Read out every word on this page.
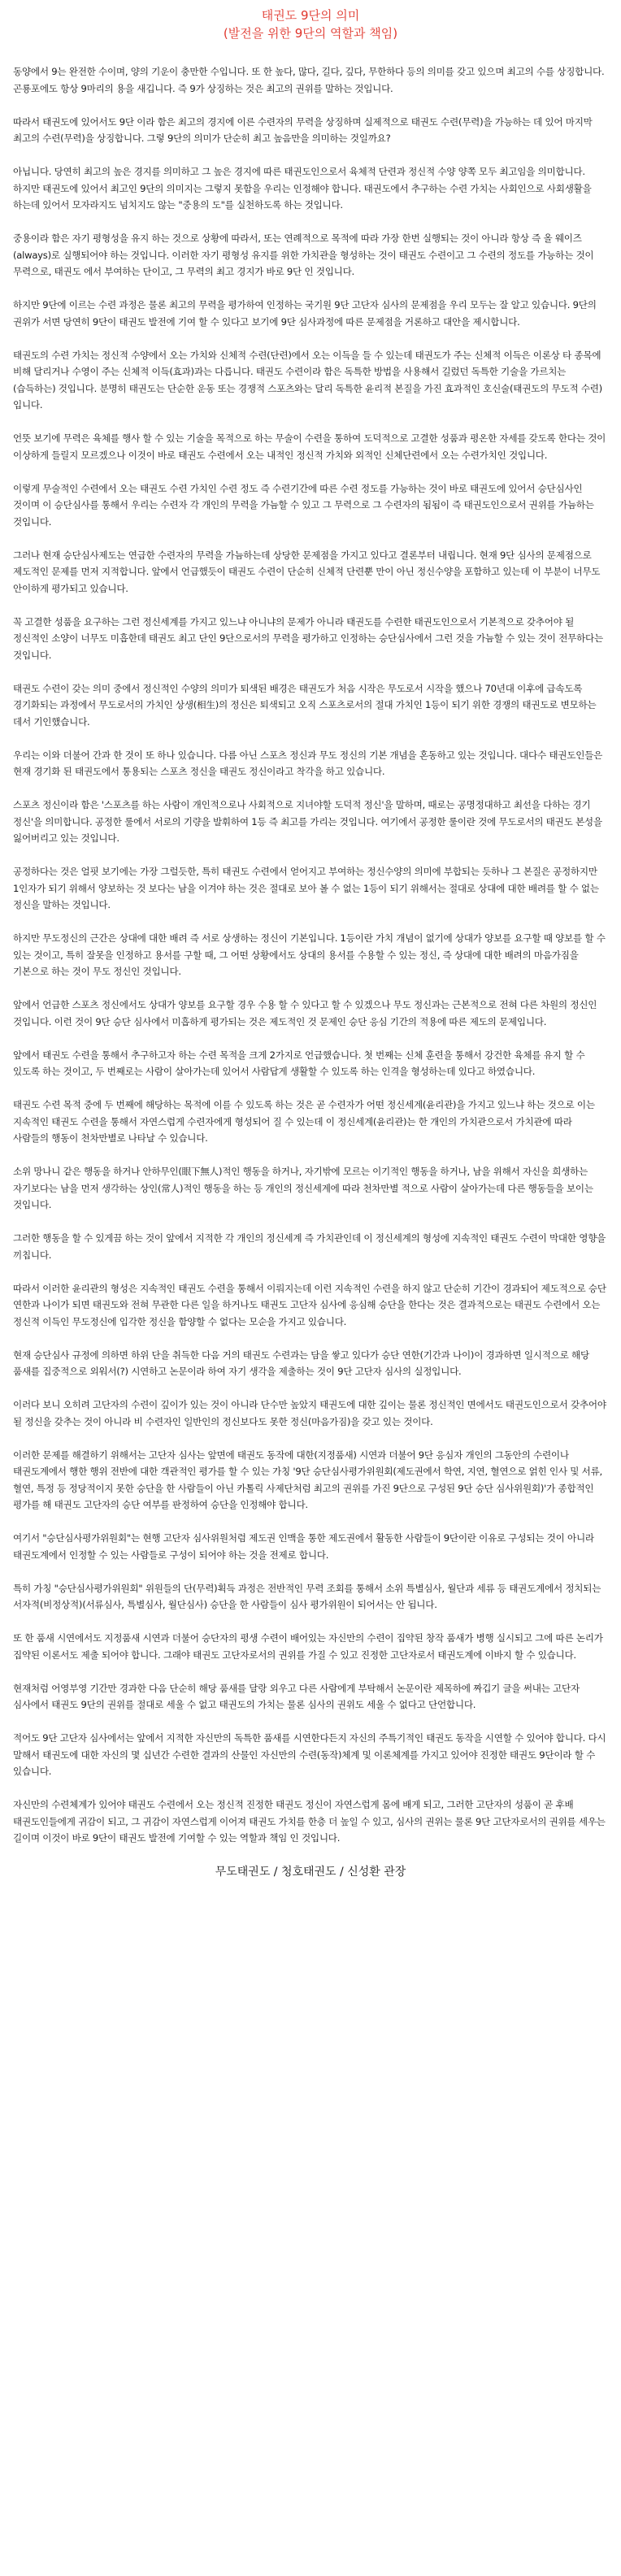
태권도 9단의 의미
(발전을 위한 9단의 역할과 책임)

동양에서 9는 완전한 수이며, 양의 기운이 충만한 수입니다. 또 한 높다, 많다, 길다, 깊다, 무한하다 등의 의미를 갖고 있으며 최고의 수를 상징합니다. 곤룡포에도 항상 9마리의 용을 새깁니다. 즉 9가 상징하는 것은 최고의 권위를 말하는 것입니다.

따라서 태권도에 있어서도 9단 이라 함은 최고의 경지에 이른 수련자의 무력을 상징하며 실제적으로 태권도 수련(무력)을 가능하는 데 있어 마지막 최고의 수련(무력)을 상징합니다. 그렇 9단의 의미가 단순히 최고 높음만을 의미하는 것일까요?

아닙니다. 당연히 최고의 높은 경지를 의미하고 그 높은 경지에 따른 태권도인으로서 육체적 단련과 정신적 수양 양쪽 모두 최고임을 의미합니다. 하지만 태권도에 있어서 최고인 9단의 의미지는 그렇지 못함을 우리는 인정해야 합니다. 태권도에서 추구하는 수련 가치는 사회인으로 사회생활을 하는데 있어서 모자라지도 넘치지도 않는 "중용의 도"를 실천하도록 하는 것입니다.

중용이라 함은 자기 평형성을 유지 하는 것으로 상황에 따라서, 또는 연례적으로 목적에 따라 가장 한번 실행되는 것이 아니라 항상 즉 올 웨이즈(always)로 실행되어야 하는 것입니다. 이러한 자기 평형성 유지를 위한 가치관을 형성하는 것이 태권도 수련이고 그 수련의 정도를 가능하는 것이 무력으로, 태권도 에서 부여하는 단이고, 그 무력의 최고 경지가 바로 9단 인 것입니다.

하지만 9단에 이르는 수련 과정은 물론 최고의 무력을 평가하여 인정하는 국기원 9단 고단자 심사의 문제점을 우리 모두는 잘 알고 있습니다. 9단의 권위가 서면 당연히 9단이 태권도 발전에 기여 할 수 있다고 보기에 9단 심사과정에 따른 문제점을 거론하고 대안을 제시합니다.

태권도의 수련 가치는 정신적 수양에서 오는 가치와 신체적 수련(단련)에서 오는 이득을 들 수 있는데 태권도가 주는 신체적 이득은 이론상 타 종목에 비해 달리거나 수영이 주는 신체적 이득(효과)과는 다릅니다. 태권도 수련이라 함은 독특한 방법을 사용해서 길렀던 독특한 기술을 가르치는(습득하는) 것입니다. 분명히 태권도는 단순한 운동 또는 경쟁적 스포츠와는 달리 독특한 윤리적 본질을 가진 효과적인 호신술(태권도의 무도적 수련)입니다.

언뜻 보기에 무력은 육체를 행사 할 수 있는 기술을 목적으로 하는 무술이 수련을 통하여 도덕적으로 고결한 성품과 평온한 자세를 갖도록 한다는 것이 이상하게 들릴지 모르겠으나 이것이 바로 태권도 수련에서 오는 내적인 정신적 가치와 외적인 신체단련에서 오는 수련가치인 것입니다.

이렇게 무술적인 수련에서 오는 태권도 수련 가치인 수련 정도 즉 수련기간에 따른 수련 정도를 가능하는 것이 바로 태권도에 있어서 승단심사인 것이며 이 승단심사를 통해서 우리는 수련자 각 개인의 무력을 가늠할 수 있고 그 무력으로 그 수련자의 됨됨이 즉 태권도인으로서 권위를 가늠하는 것입니다.

그러나 현재 승단심사제도는 연급한 수련자의 무력을 가늠하는데 상당한 문제점을 가지고 있다고 결론부터 내립니다. 현재 9단 심사의 문제점으로 제도적인 문제를 먼저 지적합니다. 앞에서 언급했듯이 태권도 수련이 단순히 신체적 단련뿐 만이 아닌 정신수양을 포함하고 있는데 이 부분이 너무도 안이하게 평가되고 있습니다.

꼭 고결한 성품을 요구하는 그런 정신세계를 가지고 있느냐 아니냐의 문제가 아니라 태권도를 수련한 태권도인으로서 기본적으로 갖추어야 될 정신적인 소양이 너무도 미흡한데 태권도 최고 단인 9단으로서의 무력을 평가하고 인정하는 승단심사에서 그런 것을 가늠할 수 있는 것이 전무하다는 것입니다.

태권도 수련이 갖는 의미 중에서 정신적인 수양의 의미가 퇴색된 배경은 태권도가 처음 시작은 무도로서 시작을 했으나 70년대 이후에 급속도록 경기화되는 과정에서 무도로서의 가치인 상생(相生)의 정신은 퇴색되고 오직 스포츠로서의 절대 가치인 1등이 되기 위한 경쟁의 태권도로 변모하는 데서 기인했습니다.

우리는 이와 더불어 간과 한 것이 또 하나 있습니다. 다름 아닌 스포츠 정신과 무도 정신의 기본 개념을 혼동하고 있는 것입니다. 대다수 태권도인들은 현재 경기화 된 태권도에서 통용되는 스포츠 정신을 태권도 정신이라고 착각을 하고 있습니다.

스포츠 정신이라 함은 '스포츠를 하는 사람이 개인적으로나 사회적으로 지녀야할 도덕적 정신'을 말하며, 때로는 공명정대하고 최선을 다하는 경기 정신'을 의미합니다. 공정한 룰에서 서로의 기량을 발휘하여 1등 즉 최고를 가리는 것입니다. 여기에서 공정한 룰이란 것에 무도로서의 태권도 본성을 잃어버리고 있는 것입니다.

공정하다는 것은 얼핏 보기에는 가장 그럴듯한, 특히 태권도 수련에서 얻어지고 부여하는 정신수양의 의미에 부합되는 듯하나 그 본질은 공정하지만 1인자가 되기 위해서 양보하는 것 보다는 남을 이겨야 하는 것은 절대로 보아 볼 수 없는 1등이 되기 위해서는 절대로 상대에 대한 배려를 할 수 없는 정신을 말하는 것입니다.

하지만 무도정신의 근간은 상대에 대한 배려 즉 서로 상생하는 정신이 기본입니다. 1등이란 가치 개념이 없기에 상대가 양보를 요구할 때 양보를 할 수 있는 것이고, 특히 잘못을 인정하고 용서를 구할 때, 그 어떤 상황에서도 상대의 용서를 수용할 수 있는 정신, 즉 상대에 대한 배려의 마음가짐을 기본으로 하는 것이 무도 정신인 것입니다.

앞에서 언급한 스포츠 정신에서도 상대가 양보를 요구할 경우 수용 할 수 있다고 할 수 있겠으나 무도 정신과는 근본적으로 전혀 다른 차원의 정신인 것입니다. 이런 것이 9단 승단 심사에서 미흡하게 평가되는 것은 제도적인 것 문제인 승단 응심 기간의 적용에 따른 제도의 문제입니다.

앞에서 태권도 수련을 통해서 추구하고자 하는 수련 목적을 크게 2가지로 언급했습니다. 첫 번째는 신체 훈련을 통해서 강건한 육체를 유지 할 수 있도록 하는 것이고, 두 번째로는 사람이 살아가는데 있어서 사람답게 생활할 수 있도록 하는 인격을 형성하는데 있다고 하였습니다.

태권도 수련 목적 중에 두 번째에 해당하는 목적에 이를 수 있도록 하는 것은 곧 수련자가 어떤 정신세계(윤리관)을 가지고 있느냐 하는 것으로 이는 지속적인 태권도 수련을 통해서 자연스럽게 수련자에게 형성되어 질 수 있는데 이 정신세계(윤리관)는 한 개인의 가치관으로서 가치관에 따라 사람들의 행동이 천차만별로 나타날 수 있습니다.

소위 망나니 같은 행동을 하거나 안하무인(眼下無人)적인 행동을 하거나, 자기밖에 모르는 이기적인 행동을 하거나, 남을 위해서 자신을 희생하는 자기보다는 남을 먼저 생각하는 상인(常人)적인 행동을 하는 등 개인의 정신세계에 따라 천차만별 적으로 사람이 살아가는데 다른 행동들을 보이는 것입니다.

그러한 행동을 할 수 있게끔 하는 것이 앞에서 지적한 각 개인의 정신세계 즉 가치관인데 이 정신세계의 형성에 지속적인 태권도 수련이 막대한 영향을 끼칩니다.

따라서 이러한 윤리관의 형성은 지속적인 태권도 수련을 통해서 이뤄지는데 이런 지속적인 수련을 하지 않고 단순히 기간이 경과되어 제도적으로 승단 연한과 나이가 되면 태권도와 전혀 무관한 다른 일을 하거나도 태권도 고단자 심사에 응심해 승단을 한다는 것은 결과적으로는 태권도 수련에서 오는 정신적 이득인 무도정신에 입각한 정신을 함양할 수 없다는 모순을 가지고 있습니다.

현재 승단심사 규정에 의하면 하위 단을 취득한 다음 거의 태권도 수련과는 담을 쌓고 있다가 승단 연한(기간과 나이)이 경과하면 일시적으로 해당 품새를 집중적으로 외워서(?) 시연하고 논문이라 하여 자기 생각을 제출하는 것이 9단 고단자 심사의 실정입니다.

이러다 보니 오히려 고단자의 수련이 깊이가 있는 것이 아니라 단수만 높았지 태권도에 대한 깊이는 물론 정신적인 면에서도 태권도인으로서 갖추어야 될 정신을 갖추는 것이 아니라 비 수련자인 일반인의 정신보다도 못한 정신(마음가짐)을 갖고 있는 것이다.

이러한 문제를 해결하기 위해서는 고단자 심사는 앞면에 태권도 동작에 대한(지정품새) 시연과 더불어 9단 응심자 개인의 그동안의 수련이나 태권도계에서 행한 행위 전반에 대한 객관적인 평가를 할 수 있는 가칭 '9단 승단심사평가위원회(제도권에서 학연, 지연, 혈연으로 얽힌 인사 및 서류, 혈연, 특정 등 정당적이지 못한 승단을 한 사람들이 아닌 카톨릭 사제단처럼 최고의 권위를 가진 9단으로 구성된 9단 승단 심사위원회)'가 종합적인 평가를 해 태권도 고단자의 승단 여부를 판정하여 승단을 인정해야 합니다.

여기서 "승단심사평가위원회"는 현행 고단자 심사위원처럼 제도권 인맥을 통한 제도권에서 활동한 사람들이 9단이란 이유로 구성되는 것이 아니라 태권도계에서 인정할 수 있는 사람들로 구성이 되어야 하는 것을 전제로 합니다.

특히 가칭 "승단심사평가위원회" 위원들의 단(무력)획득 과정은 전반적인 무력 조회를 통해서 소위 특별심사, 월단과 세류 등 태권도계에서 정치되는 서자적(비정상적)(서류심사, 특별심사, 월단심사) 승단을 한 사람들이 심사 평가위원이 되어서는 안 됩니다.

또 한 품새 시연에서도 지정품새 시연과 더불어 승단자의 평생 수련이 배어있는 자신만의 수련이 집약된 창작 품새가 병행 실시되고 그에 따른 논리가 집약된 이론서도 제출 되어야 합니다. 그래야 태권도 고단자로서의 권위를 가질 수 있고 진정한 고단자로서 태권도계에 이바지 할 수 있습니다.

현재처럼 어영부영 기간만 경과한 다음 단순히 해당 품새를 달랑 외우고 다른 사람에게 부탁해서 논문이란 제목하에 짜깁기 글을 써내는 고단자 심사에서 태권도 9단의 권위를 절대로 세울 수 없고 태권도의 가치는 물론 심사의 권위도 세울 수 없다고 단언합니다.

적어도 9단 고단자 심사에서는 앞에서 지적한 자신만의 독특한 품새를 시연한다든지 자신의 주특기적인 태권도 동작을 시연할 수 있어야 합니다. 다시 말해서 태권도에 대한 자신의 몇 십년간 수련한 결과의 산물인 자신만의 수련(동작)체계 및 이론체계를 가지고 있어야 진정한 태권도 9단이라 할 수 있습니다.

자신만의 수련체계가 있어야 태권도 수련에서 오는 정신적 진정한 태권도 정신이 자연스럽게 몸에 배게 되고, 그러한 고단자의 성품이 곧 후배 태권도인들에게 귀감이 되고, 그 귀감이 자연스럽게 이어져 태권도 가치를 한층 더 높일 수 있고, 심사의 권위는 물론 9단 고단자로서의 권위를 세우는 길이며 이것이 바로 9단이 태권도 발전에 기여할 수 있는 역할과 책임 인 것입니다.

무도태권도 / 청호태권도 / 신성환 관장
